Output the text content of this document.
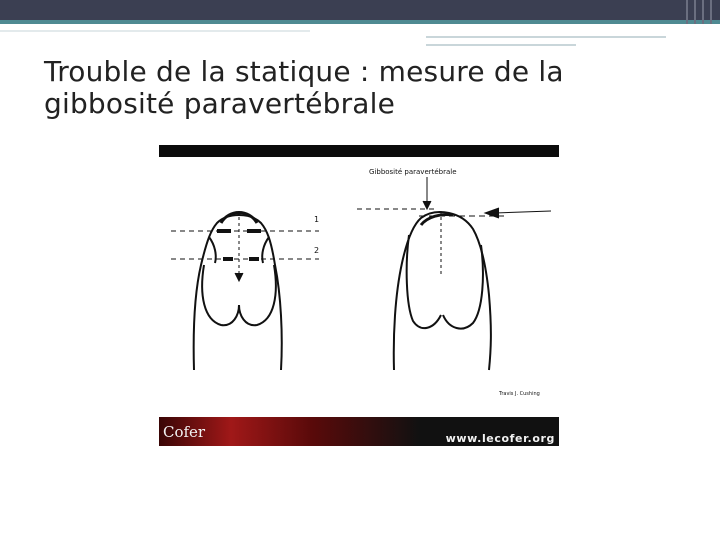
Trouble de la statique : mesure de la
gibbosité paravertébrale
Gibbosité paravertébrale
1
2
Travis J. Cushing
Cofer	www.lecofer.org
